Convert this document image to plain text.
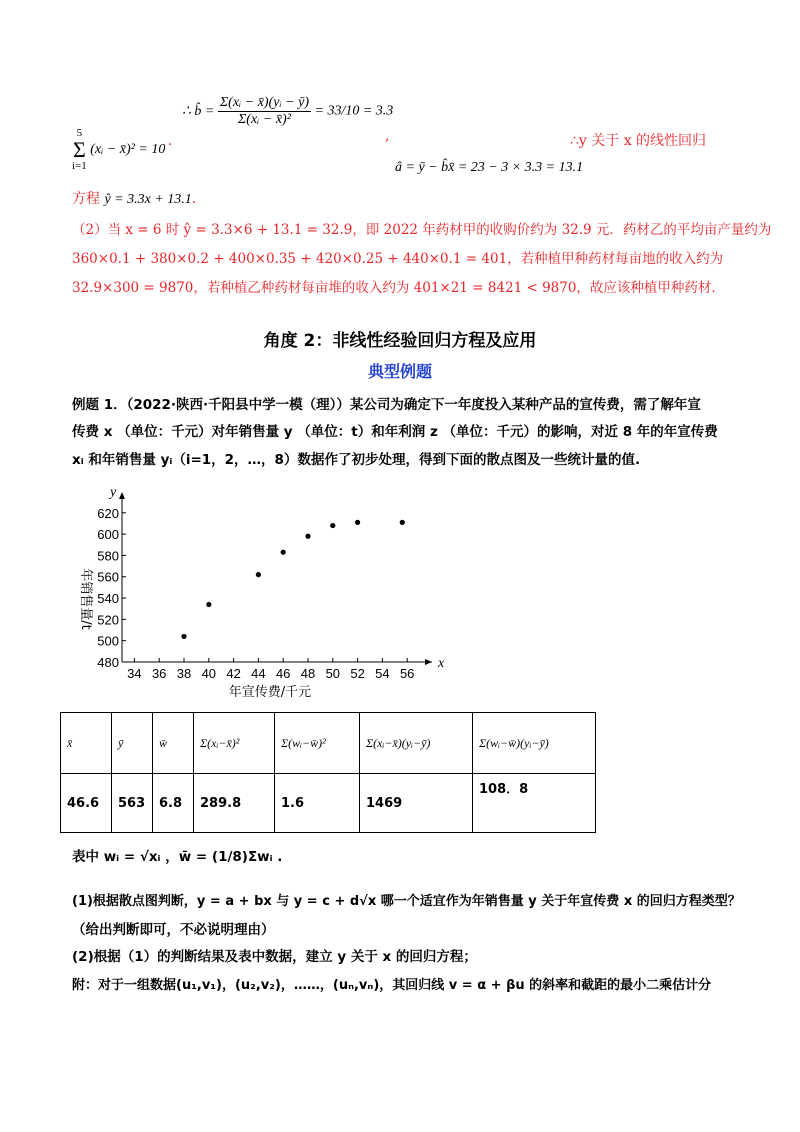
5
Σ
i=1
(xᵢ − x̄)² = 10
.
∴ b̂ = $\frac{\text{Σ(xᵢ − x̄)(yᵢ − ȳ)}}{\text{Σ(xᵢ − x̄)²}} = 33/10 = 3.3$
,
â = ȳ − b̂x̄ = 23 − 3 × 3.3 = 13.1
∴y 关于 x 的线性回归
方程 ŷ = 3.3x + 13.1.
（2）当 x = 6 时 ŷ = 3.3×6 + 13.1 = 32.9，即 2022 年药材甲的收购价约为 32.9 元．药材乙的平均亩产量约为
360×0.1 + 380×0.2 + 400×0.35 + 420×0.25 + 440×0.1 = 401，若种植甲种药材每亩地的收入约为
32.9×300 = 9870，若种植乙种药材每亩堆的收入约为 401×21 = 8421 < 9870，故应该种植甲种药材．
角度 2：非线性经验回归方程及应用
典型例题
例题 1．（2022·陕西·千阳县中学一模（理））某公司为确定下一年度投入某种产品的宣传费，需了解年宣
传费 x （单位：千元）对年销售量 y （单位：t）和年利润 z （单位：千元）的影响，对近 8 年的年宣传费
xᵢ 和年销售量 yᵢ（i=1，2，…，8）数据作了初步处理，得到下面的散点图及一些统计量的值.
x
y
34 36 38 40 42 44 46 48 50 52 54 56
480
500
520
540
560
580
600
620
年宣传费/千元
年销售量/t
x̄	ȳ	w̄	Σ(xᵢ−x̄)²	Σ(wᵢ−w̄)²	Σ(xᵢ−x̄)(yᵢ−ȳ)	Σ(wᵢ−w̄)(yᵢ−ȳ)
46.6	563	6.8	289.8	1.6	1469	108．8
表中 wᵢ = √xᵢ ，w̄ = (1/8)Σwᵢ .
(1)根据散点图判断，y = a + bx 与 y = c + d√x 哪一个适宜作为年销售量 y 关于年宣传费 x 的回归方程类型？
（给出判断即可，不必说明理由）
(2)根据（1）的判断结果及表中数据，建立 y 关于 x 的回归方程；
附：对于一组数据(u₁,v₁)，(u₂,v₂)，……，(uₙ,vₙ)，其回归线 v = α + βu 的斜率和截距的最小二乘估计分
